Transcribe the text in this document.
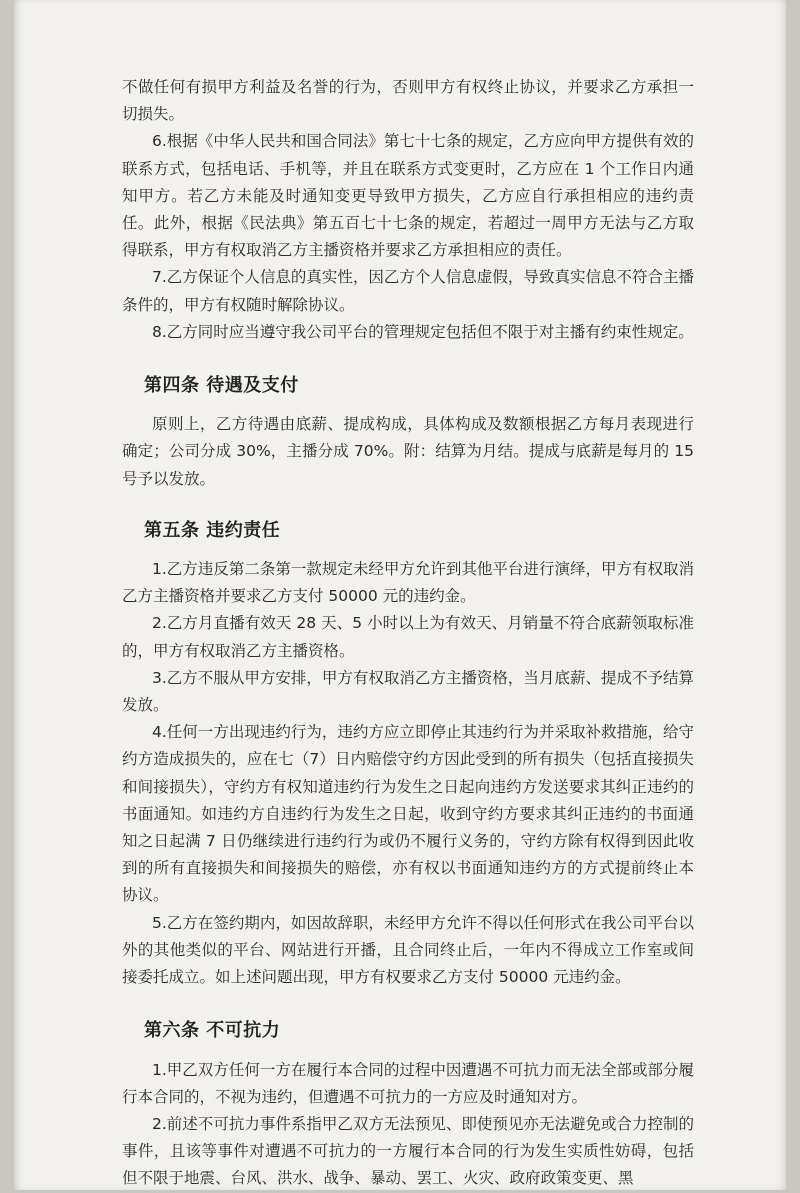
不做任何有损甲方利益及名誉的行为，否则甲方有权终止协议，并要求乙方承担一切损失。

6.根据《中华人民共和国合同法》第七十七条的规定，乙方应向甲方提供有效的联系方式，包括电话、手机等，并且在联系方式变更时，乙方应在 1 个工作日内通知甲方。若乙方未能及时通知变更导致甲方损失，乙方应自行承担相应的违约责任。此外，根据《民法典》第五百七十七条的规定，若超过一周甲方无法与乙方取得联系，甲方有权取消乙方主播资格并要求乙方承担相应的责任。

7.乙方保证个人信息的真实性，因乙方个人信息虚假，导致真实信息不符合主播条件的，甲方有权随时解除协议。

8.乙方同时应当遵守我公司平台的管理规定包括但不限于对主播有约束性规定。

第四条 待遇及支付

原则上，乙方待遇由底薪、提成构成，具体构成及数额根据乙方每月表现进行确定；公司分成 30%，主播分成 70%。附：结算为月结。提成与底薪是每月的 15 号予以发放。

第五条 违约责任

1.乙方违反第二条第一款规定未经甲方允许到其他平台进行演绎，甲方有权取消乙方主播资格并要求乙方支付 50000 元的违约金。

2.乙方月直播有效天 28 天、5 小时以上为有效天、月销量不符合底薪领取标准的，甲方有权取消乙方主播资格。

3.乙方不服从甲方安排，甲方有权取消乙方主播资格，当月底薪、提成不予结算发放。

4.任何一方出现违约行为，违约方应立即停止其违约行为并采取补救措施，给守约方造成损失的，应在七（7）日内赔偿守约方因此受到的所有损失（包括直接损失和间接损失），守约方有权知道违约行为发生之日起向违约方发送要求其纠正违约的书面通知。如违约方自违约行为发生之日起，收到守约方要求其纠正违约的书面通知之日起满 7 日仍继续进行违约行为或仍不履行义务的，守约方除有权得到因此收到的所有直接损失和间接损失的赔偿，亦有权以书面通知违约方的方式提前终止本协议。

5.乙方在签约期内，如因故辞职，未经甲方允许不得以任何形式在我公司平台以外的其他类似的平台、网站进行开播，且合同终止后，一年内不得成立工作室或间接委托成立。如上述问题出现，甲方有权要求乙方支付 50000 元违约金。

第六条 不可抗力

1.甲乙双方任何一方在履行本合同的过程中因遭遇不可抗力而无法全部或部分履行本合同的，不视为违约，但遭遇不可抗力的一方应及时通知对方。

2.前述不可抗力事件系指甲乙双方无法预见、即使预见亦无法避免或合力控制的事件，且该等事件对遭遇不可抗力的一方履行本合同的行为发生实质性妨碍，包括但不限于地震、台风、洪水、战争、暴动、罢工、火灾、政府政策变更、黑
